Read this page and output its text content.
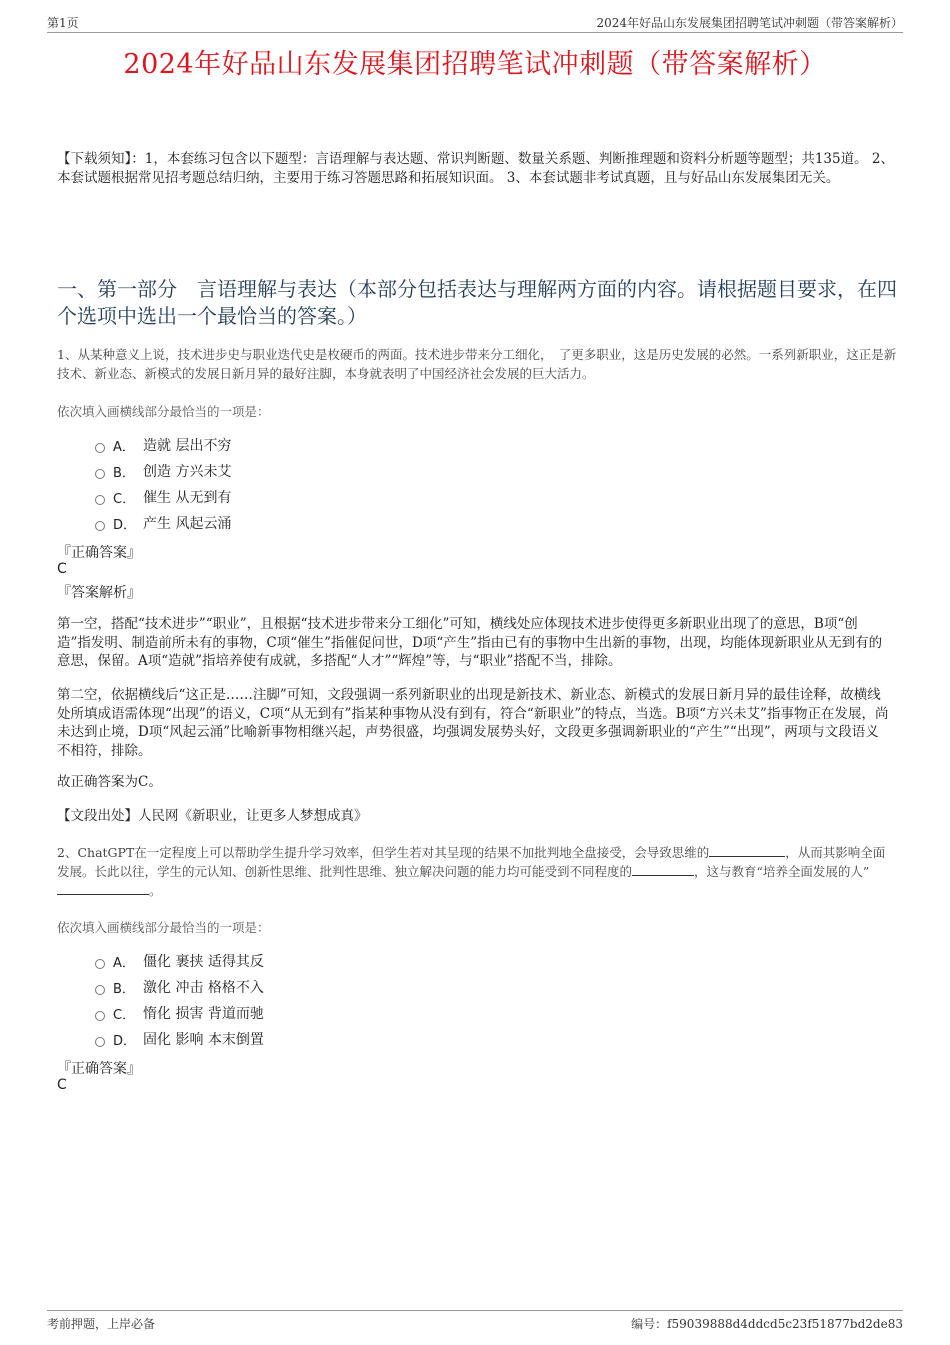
第1页	2024年好品山东发展集团招聘笔试冲刺题（带答案解析）
2024年好品山东发展集团招聘笔试冲刺题（带答案解析）
【下载须知】：1，本套练习包含以下题型：言语理解与表达题、常识判断题、数量关系题、判断推理题和资料分析题等题型；共135道。 2、本套试题根据常见招考题总结归纳，主要用于练习答题思路和拓展知识面。 3、本套试题非考试真题，且与好品山东发展集团无关。
一、第一部分　言语理解与表达（本部分包括表达与理解两方面的内容。请根据题目要求，在四个选项中选出一个最恰当的答案。）
1、从某种意义上说，技术进步史与职业迭代史是枚硬币的两面。技术进步带来分工细化，　了更多职业，这是历史发展的必然。一系列新职业，这正是新技术、新业态、新模式的发展日新月异的最好注脚，本身就表明了中国经济社会发展的巨大活力。
依次填入画横线部分最恰当的一项是：
A． 造就 层出不穷
B． 创造 方兴未艾
C． 催生 从无到有
D． 产生 风起云涌
『正确答案』
C
『答案解析』
第一空，搭配“技术进步”“职业”，且根据“技术进步带来分工细化”可知，横线处应体现技术进步使得更多新职业出现了的意思，B项“创造”指发明、制造前所未有的事物，C项“催生”指催促问世，D项“产生”指由已有的事物中生出新的事物，出现，均能体现新职业从无到有的意思，保留。A项“造就”指培养使有成就，多搭配“人才”“辉煌”等，与“职业”搭配不当，排除。
第二空，依据横线后“这正是……注脚”可知，文段强调一系列新职业的出现是新技术、新业态、新模式的发展日新月异的最佳诠释，故横线处所填成语需体现“出现”的语义，C项“从无到有”指某种事物从没有到有，符合“新职业”的特点，当选。B项“方兴未艾”指事物正在发展，尚未达到止境，D项“风起云涌”比喻新事物相继兴起，声势很盛，均强调发展势头好，文段更多强调新职业的“产生”“出现”，两项与文段语义不相符，排除。
故正确答案为C。
【文段出处】人民网《新职业，让更多人梦想成真》
2、ChatGPT在一定程度上可以帮助学生提升学习效率，但学生若对其呈现的结果不加批判地全盘接受，会导致思维的	，从而其影响全面发展。长此以往，学生的元认知、创新性思维、批判性思维、独立解决问题的能力均可能受到不同程度的	，这与教育“培养全面发展的人”。
依次填入画横线部分最恰当的一项是：
A． 僵化 裹挟 适得其反
B． 激化 冲击 格格不入
C． 惰化 损害 背道而驰
D． 固化 影响 本末倒置
『正确答案』
C
考前押题，上岸必备	编号：f59039888d4ddcd5c23f51877bd2de83
